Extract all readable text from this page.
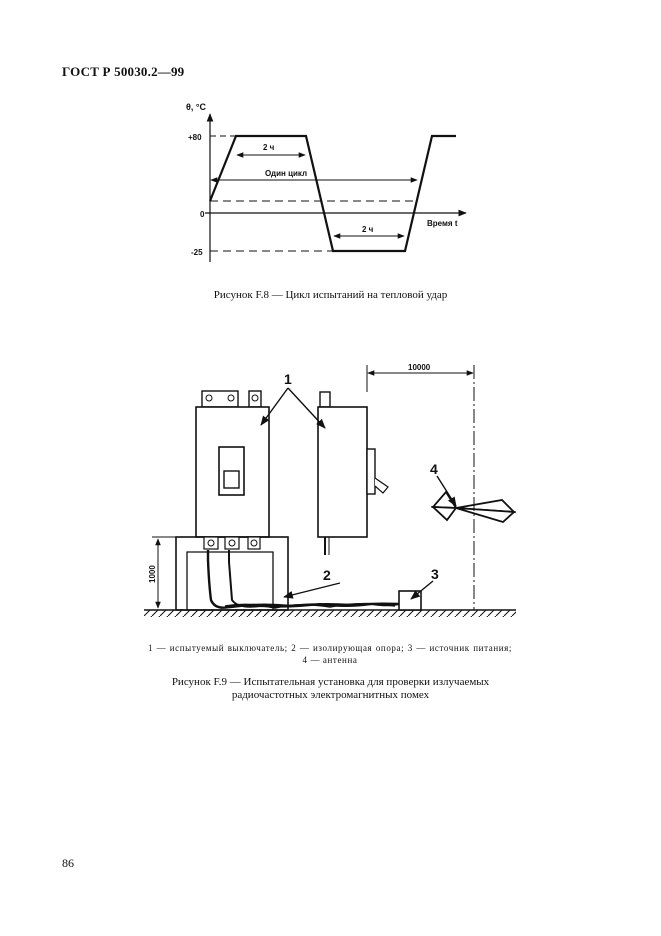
ГОСТ Р 50030.2—99
θ, °C
+80
0
-25
Время t
2 ч
Один цикл
2 ч
1
2	3
4
10000
1000
Рисунок F.8 — Цикл испытаний на тепловой удар
1 — испытуемый выключатель; 2 — изолирующая опора; 3 — источник питания; 4 — антенна
Рисунок F.9 — Испытательная установка для проверки излучаемых
радиочастотных электромагнитных помех
86
